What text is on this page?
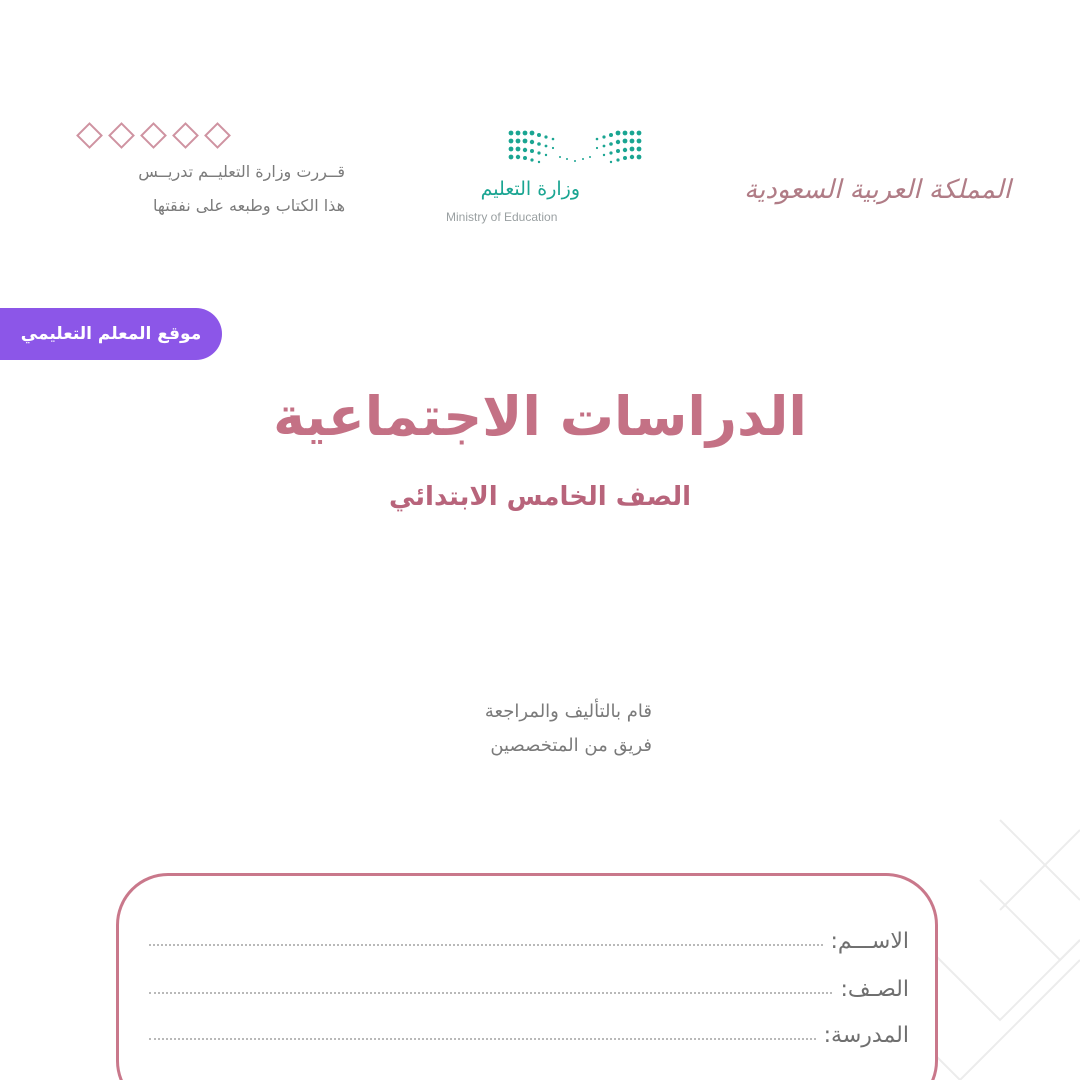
المملكة العربية السعودية
وزارة التعليم
Ministry of Education
قــررت وزارة التعليــم تدريــس
هذا الكتاب وطبعه على نفقتها
موقع المعلم التعليمي
الدراسات الاجتماعية
الصف الخامس الابتدائي
قام بالتأليف والمراجعة
فريق من المتخصصين
الاســـم:
الصـف:
المدرسة:
